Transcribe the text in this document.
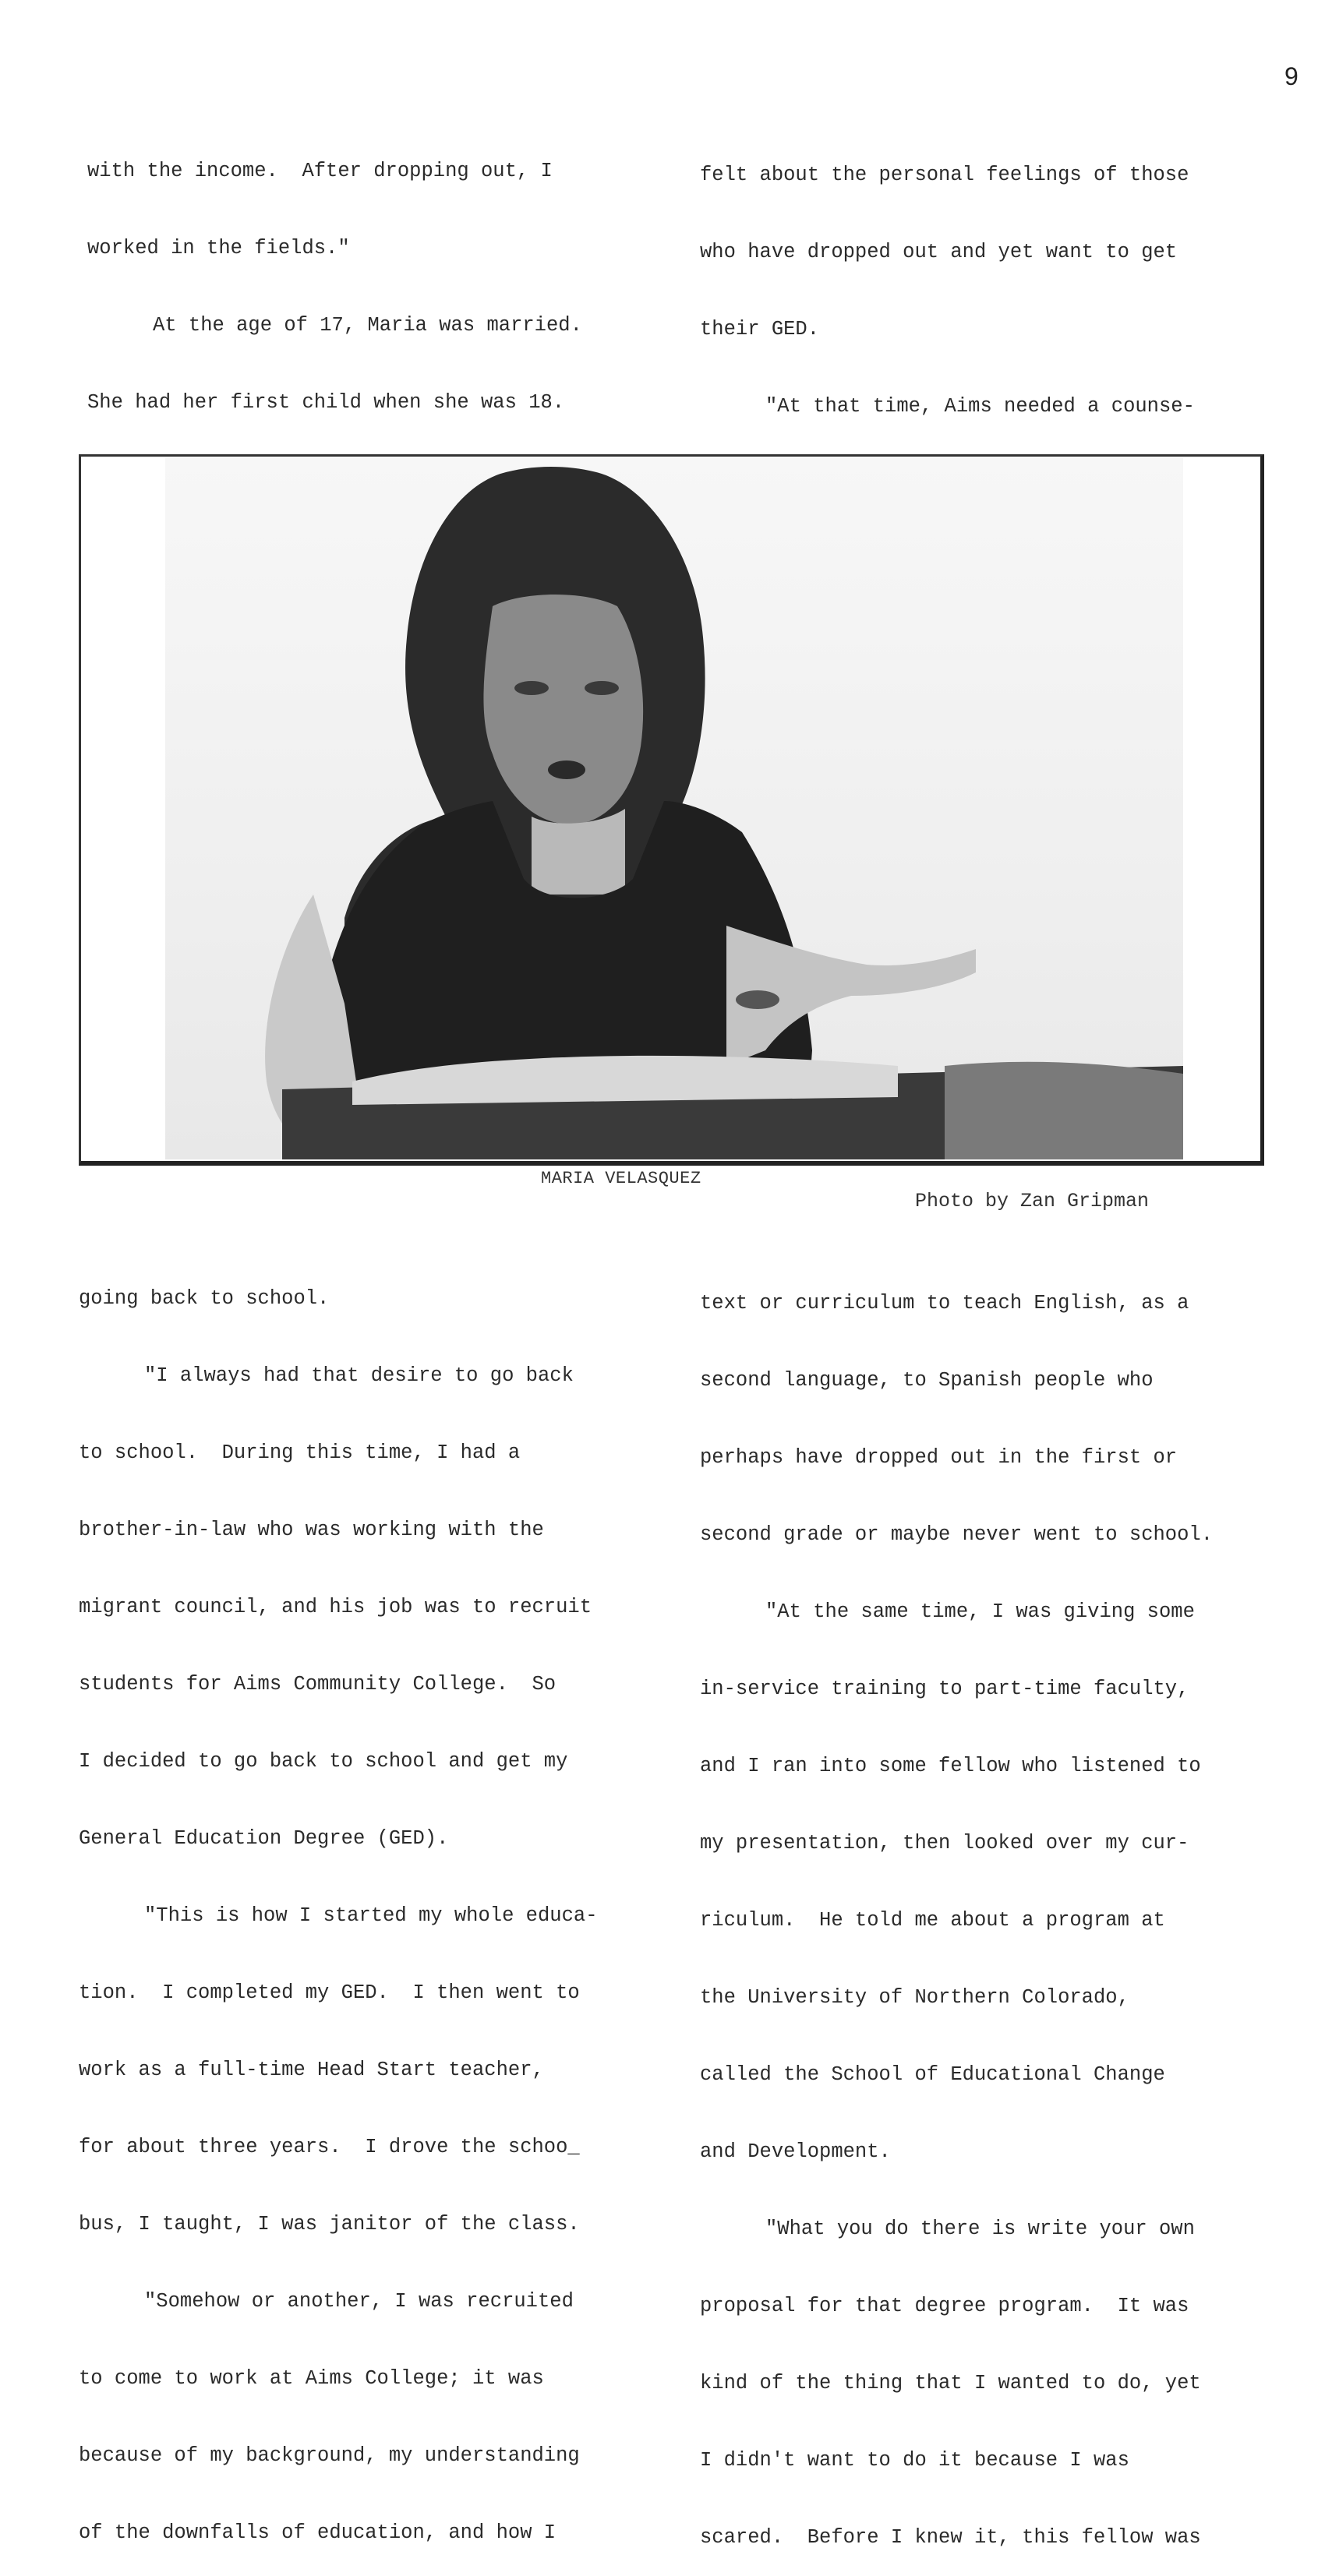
9

with the income.  After dropping out, I

worked in the fields."

At the age of 17, Maria was married.

She had her first child when she was 18.

felt about the personal feelings of those

who have dropped out and yet want to get

their GED.

"At that time, Aims needed a counse-

MARIA VELASQUEZ
Photo by Zan Gripman

going back to school.

"I always had that desire to go back

to school.  During this time, I had a

brother-in-law who was working with the

migrant council, and his job was to recruit

students for Aims Community College.  So

I decided to go back to school and get my

General Education Degree (GED).

"This is how I started my whole educa-

tion.  I completed my GED.  I then went to

work as a full-time Head Start teacher,

for about three years.  I drove the schoo_

bus, I taught, I was janitor of the class.

"Somehow or another, I was recruited

to come to work at Aims College; it was

because of my background, my understanding

of the downfalls of education, and how I

text or curriculum to teach English, as a

second language, to Spanish people who

perhaps have dropped out in the first or

second grade or maybe never went to school.

"At the same time, I was giving some

in-service training to part-time faculty,

and I ran into some fellow who listened to

my presentation, then looked over my cur-

riculum.  He told me about a program at

the University of Northern Colorado,

called the School of Educational Change

and Development.

"What you do there is write your own

proposal for that degree program.  It was

kind of the thing that I wanted to do, yet

I didn't want to do it because I was

scared.  Before I knew it, this fellow was
